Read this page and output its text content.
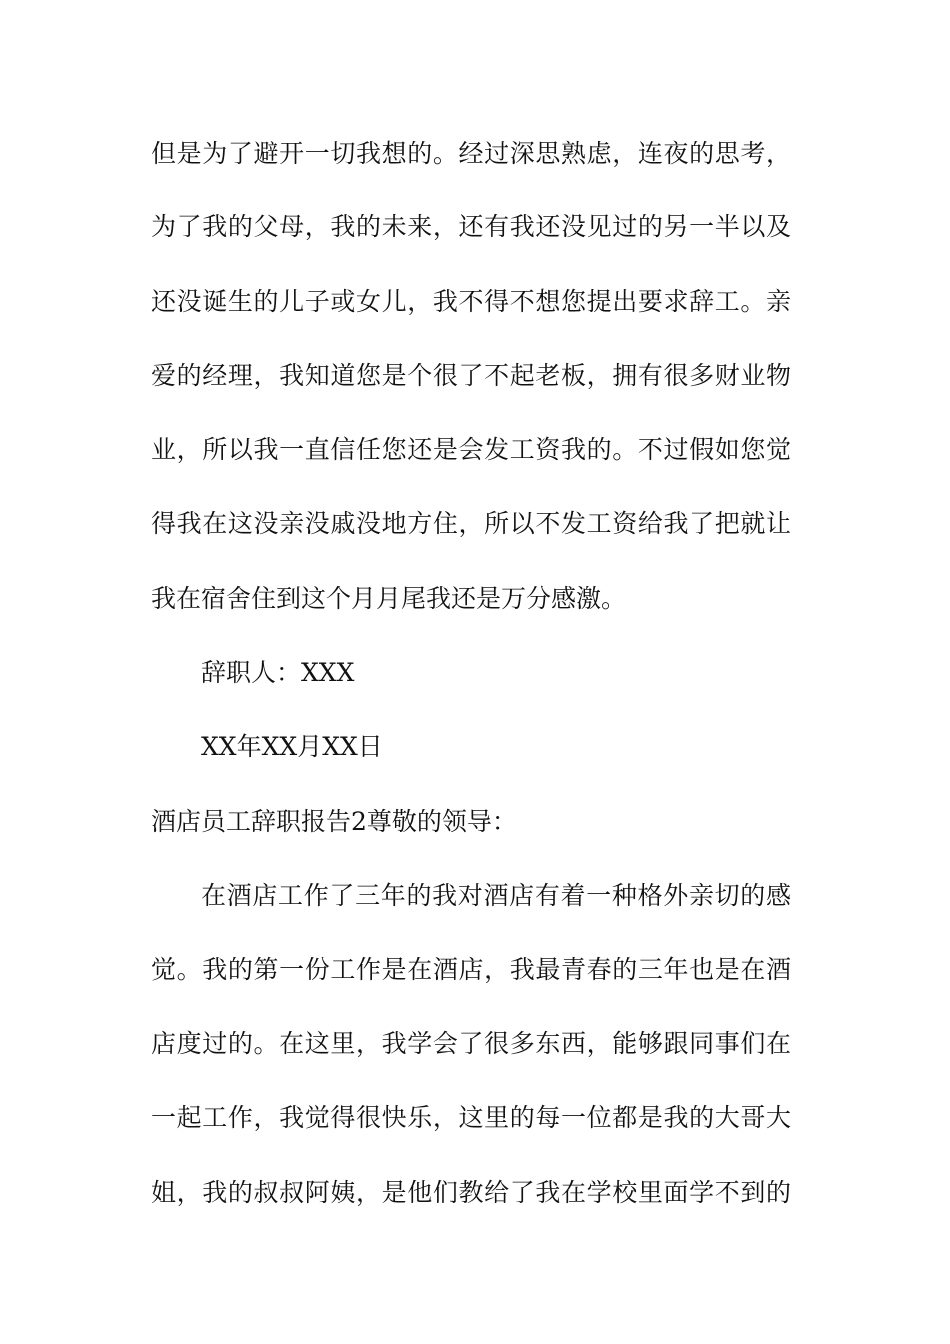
但是为了避开一切我想的。经过深思熟虑，连夜的思考，
为了我的父母，我的未来，还有我还没见过的另一半以及
还没诞生的儿子或女儿，我不得不想您提出要求辞工。亲
爱的经理，我知道您是个很了不起老板，拥有很多财业物
业，所以我一直信任您还是会发工资我的。不过假如您觉
得我在这没亲没戚没地方住，所以不发工资给我了把就让
我在宿舍住到这个月月尾我还是万分感激。
辞职人：XXX
XX年XX月XX日
酒店员工辞职报告2尊敬的领导：
在酒店工作了三年的我对酒店有着一种格外亲切的感
觉。我的第一份工作是在酒店，我最青春的三年也是在酒
店度过的。在这里，我学会了很多东西，能够跟同事们在
一起工作，我觉得很快乐，这里的每一位都是我的大哥大
姐，我的叔叔阿姨，是他们教给了我在学校里面学不到的
